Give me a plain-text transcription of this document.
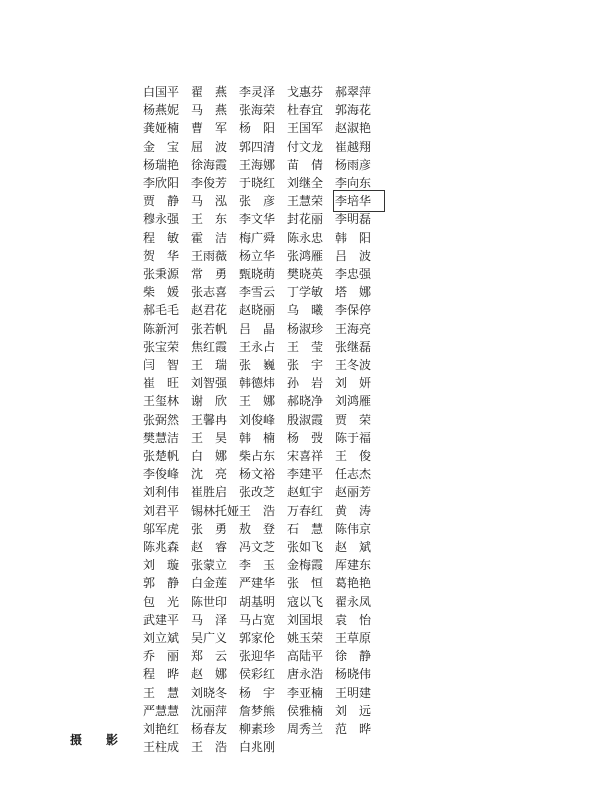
白国平 翟　燕 李灵泽 戈惠芬 郝翠萍
杨燕妮 马　燕 张海荣 杜春宜 郭海花
龚娅楠 曹　军 杨　阳 王国军 赵淑艳
金　宝 屈　波 郭四清 付文龙 崔越翔
杨瑞艳 徐海霞 王海娜 苗　倩 杨雨彦
李欣阳 李俊芳 于晓红 刘继全 李向东
贾　静 马　泓 张　彦 王慧荣 李培华
穆永强 王　东 李文华 封花丽 李明磊
程　敏 霍　洁 梅广舜 陈永忠 韩　阳
贺　华 王雨薇 杨立华 张鸿雁 吕　波
张秉源 常　勇 甄晓萌 樊晓英 李忠强
柴　媛 张志喜 李雪云 丁学敏 塔　娜
郝毛毛 赵君花 赵晓丽 乌　曦 李保停
陈新河 张若帆 吕　晶 杨淑珍 王海亮
张宝荣 焦红霞 王永占 王　莹 张继磊
闫　智 王　瑞 张　巍 张　宇 王冬波
崔　旺 刘智强 韩德炜 孙　岩 刘　妍
王玺林 谢　欣 王　娜 郝晓净 刘鸿雁
张弼然 王馨冉 刘俊峰 殷淑霞 贾　荣
樊慧洁 王　昊 韩　楠 杨　弢 陈于福
张楚帆 白　娜 柴占东 宋喜祥 王　俊
李俊峰 沈　亮 杨文裕 李建平 任志杰
刘利伟 崔胜启 张改芝 赵虹宇 赵丽芳
刘君平 锡林托娅 王　浩 万春红 黄　涛
邬军虎 张　勇 敖　登 石　慧 陈伟京
陈兆森 赵　睿 冯文芝 张如飞 赵　斌
刘　璇 张蒙立 李　玉 金梅霞 厍建东
郭　静 白金莲 严建华 张　恒 葛艳艳
包　光 陈世印 胡基明 寇以飞 翟永凤
武建平 马　泽 马占宽 刘国垠 袁　怡
刘立斌 吴广义 郭家伦 姚玉荣 王草原
乔　丽 郑　云 张迎华 高陆平 徐　静
程　晔 赵　娜 侯彩红 唐永浩 杨晓伟
王　慧 刘晓冬 杨　宇 李亚楠 王明建
严慧慧 沈丽萍 詹梦熊 侯雅楠 刘　远
刘艳红 杨春友 柳素珍 周秀兰 范　晔
王柱成 王　浩 白兆刚
摄　　影
